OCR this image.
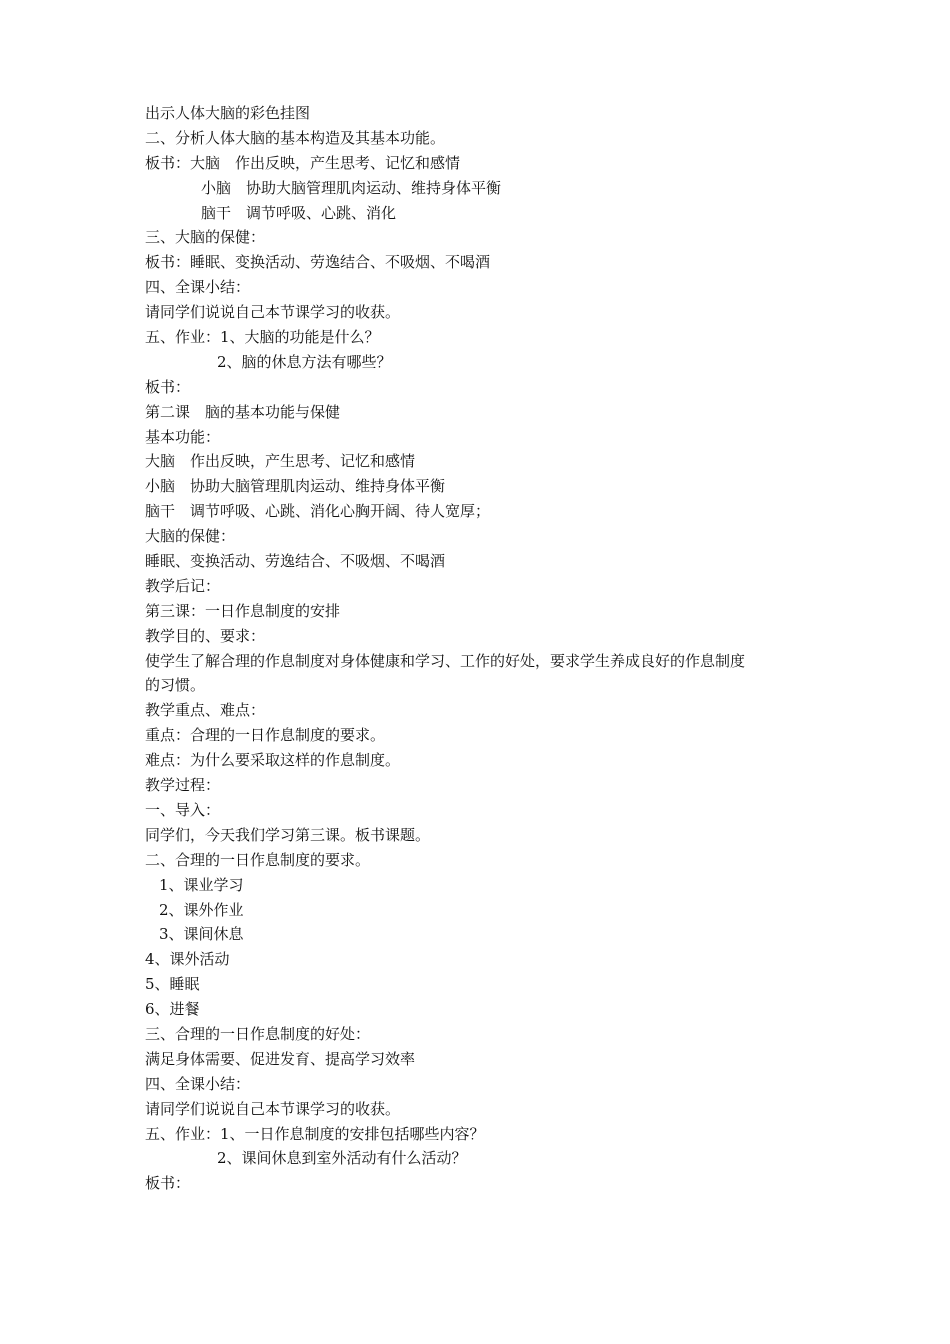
出示人体大脑的彩色挂图
二、分析人体大脑的基本构造及其基本功能。
板书：大脑　作出反映，产生思考、记忆和感情
小脑　协助大脑管理肌肉运动、维持身体平衡
脑干　调节呼吸、心跳、消化
三、大脑的保健：
板书：睡眠、变换活动、劳逸结合、不吸烟、不喝酒
四、全课小结：
请同学们说说自己本节课学习的收获。
五、作业：1、大脑的功能是什么？
2、脑的休息方法有哪些？
板书：
第二课　脑的基本功能与保健
基本功能：
大脑　作出反映，产生思考、记忆和感情
小脑　协助大脑管理肌肉运动、维持身体平衡
脑干　调节呼吸、心跳、消化心胸开阔、待人宽厚；
大脑的保健：
睡眠、变换活动、劳逸结合、不吸烟、不喝酒
教学后记：
第三课：一日作息制度的安排
教学目的、要求：
使学生了解合理的作息制度对身体健康和学习、工作的好处，要求学生养成良好的作息制度
的习惯。
教学重点、难点：
重点：合理的一日作息制度的要求。
难点：为什么要采取这样的作息制度。
教学过程：
一、导入：
同学们，今天我们学习第三课。板书课题。
二、合理的一日作息制度的要求。
1、课业学习
2、课外作业
3、课间休息
4、课外活动
5、睡眠
6、进餐
三、合理的一日作息制度的好处：
满足身体需要、促进发育、提高学习效率
四、全课小结：
请同学们说说自己本节课学习的收获。
五、作业：1、一日作息制度的安排包括哪些内容？
2、课间休息到室外活动有什么活动？
板书：
